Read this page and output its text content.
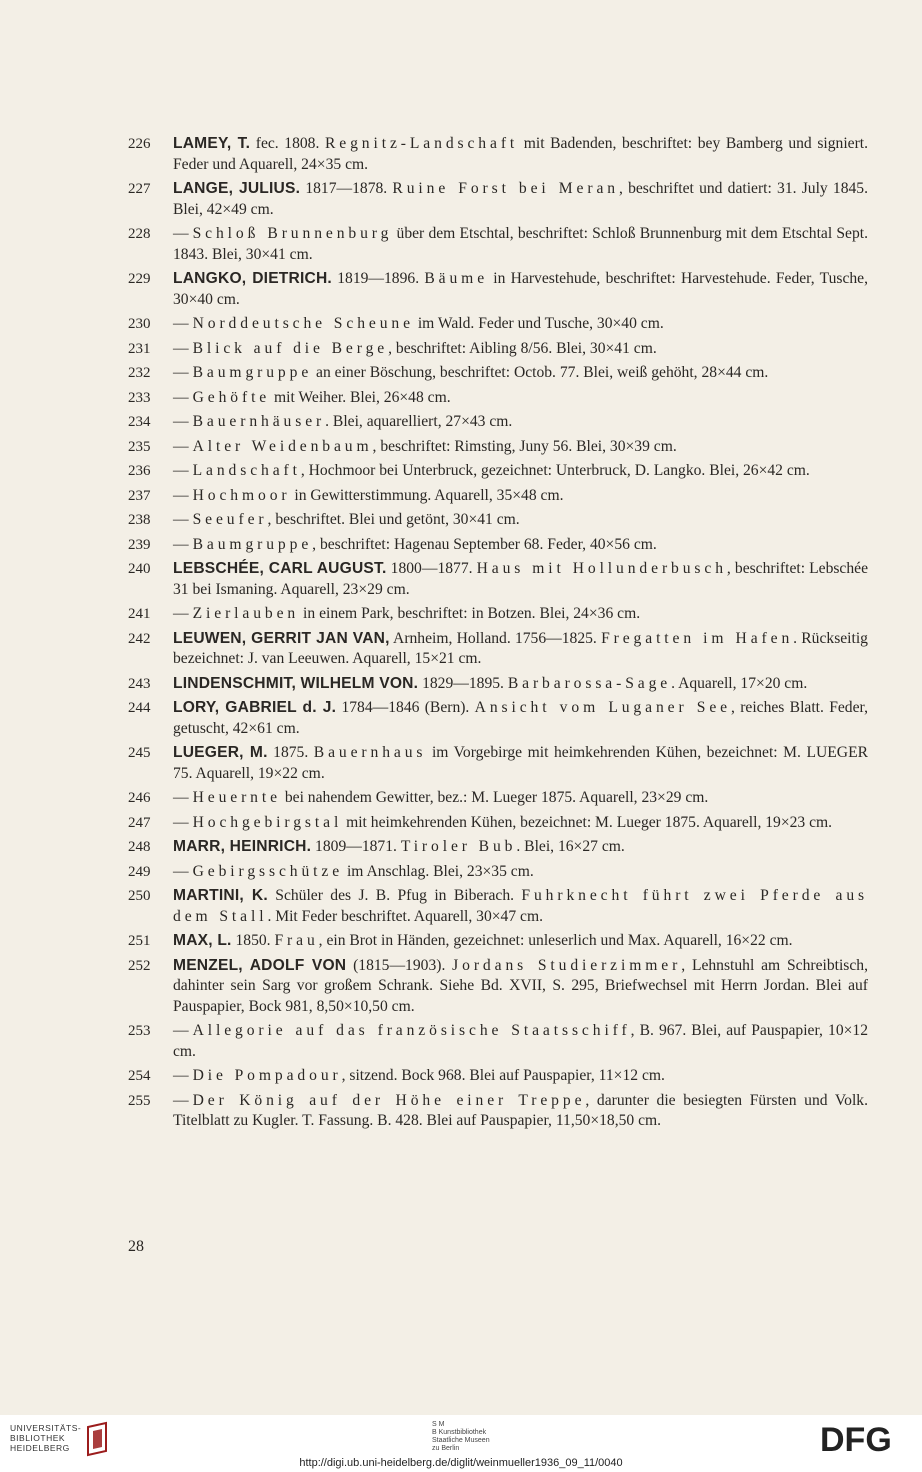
226 LAMEY, T. fec. 1808. Regnitz-Landschaft mit Badenden, beschriftet: bey Bamberg und signiert. Feder und Aquarell, 24×35 cm.
227 LANGE, JULIUS. 1817—1878. Ruine Forst bei Meran, beschriftet und datiert: 31. July 1845. Blei, 42×49 cm.
228 — Schloß Brunnenburg über dem Etschtal, beschriftet: Schloß Brunnenburg mit dem Etschtal Sept. 1843. Blei, 30×41 cm.
229 LANGKO, DIETRICH. 1819—1896. Bäume in Harvestehude, beschriftet: Harvestehude. Feder, Tusche, 30×40 cm.
230 — Norddeutsche Scheune im Wald. Feder und Tusche, 30×40 cm.
231 — Blick auf die Berge, beschriftet: Aibling 8/56. Blei, 30×41 cm.
232 — Baumgruppe an einer Böschung, beschriftet: Octob. 77. Blei, weiß gehöht, 28×44 cm.
233 — Gehöfte mit Weiher. Blei, 26×48 cm.
234 — Bauernhäuser. Blei, aquarelliert, 27×43 cm.
235 — Alter Weidenbaum, beschriftet: Rimsting, Juny 56. Blei, 30×39 cm.
236 — Landschaft, Hochmoor bei Unterbruck, gezeichnet: Unterbruck, D. Langko. Blei, 26×42 cm.
237 — Hochmoor in Gewitterstimmung. Aquarell, 35×48 cm.
238 — Seeufer, beschriftet. Blei und getönt, 30×41 cm.
239 — Baumgruppe, beschriftet: Hagenau September 68. Feder, 40×56 cm.
240 LEBSCHÉE, CARL AUGUST. 1800—1877. Haus mit Hollunderbusch, beschriftet: Lebschée 31 bei Ismaning. Aquarell, 23×29 cm.
241 — Zierlauben in einem Park, beschriftet: in Botzen. Blei, 24×36 cm.
242 LEUWEN, GERRIT JAN VAN, Arnheim, Holland. 1756—1825. Fregatten im Hafen. Rückseitig bezeichnet: J. van Leeuwen. Aquarell, 15×21 cm.
243 LINDENSCHMIT, WILHELM VON. 1829—1895. Barbarossa-Sage. Aquarell, 17×20 cm.
244 LORY, GABRIEL d. J. 1784—1846 (Bern). Ansicht vom Luganer See, reiches Blatt. Feder, getuscht, 42×61 cm.
245 LUEGER, M. 1875. Bauernhaus im Vorgebirge mit heimkehrenden Kühen, bezeichnet: M. LUEGER 75. Aquarell, 19×22 cm.
246 — Heuernte bei nahendem Gewitter, bez.: M. Lueger 1875. Aquarell, 23×29 cm.
247 — Hochgebirgstal mit heimkehrenden Kühen, bezeichnet: M. Lueger 1875. Aquarell, 19×23 cm.
248 MARR, HEINRICH. 1809—1871. Tiroler Bub. Blei, 16×27 cm.
249 — Gebirgsschütze im Anschlag. Blei, 23×35 cm.
250 MARTINI, K. Schüler des J. B. Pfug in Biberach. Fuhrknecht führt zwei Pferde aus dem Stall. Mit Feder beschriftet. Aquarell, 30×47 cm.
251 MAX, L. 1850. Frau, ein Brot in Händen, gezeichnet: unleserlich und Max. Aquarell, 16×22 cm.
252 MENZEL, ADOLF VON (1815—1903). Jordans Studierzimmer, Lehnstuhl am Schreibtisch, dahinter sein Sarg vor großem Schrank. Siehe Bd. XVII, S. 295, Briefwechsel mit Herrn Jordan. Blei auf Pauspapier, Bock 981, 8,50×10,50 cm.
253 — Allegorie auf das französische Staatsschiff, B. 967. Blei, auf Pauspapier, 10×12 cm.
254 — Die Pompadour, sitzend. Bock 968. Blei auf Pauspapier, 11×12 cm.
255 — Der König auf der Höhe einer Treppe, darunter die besiegten Fürsten und Volk. Titelblatt zu Kugler. T. Fassung. B. 428. Blei auf Pauspapier, 11,50×18,50 cm.
28
UNIVERSITÄTS-
BIBLIOTHEK
HEIDELBERG
S M
B Kunstbibliothek
Staatliche Museen
zu Berlin	DFG
http://digi.ub.uni-heidelberg.de/diglit/weinmueller1936_09_11/0040
